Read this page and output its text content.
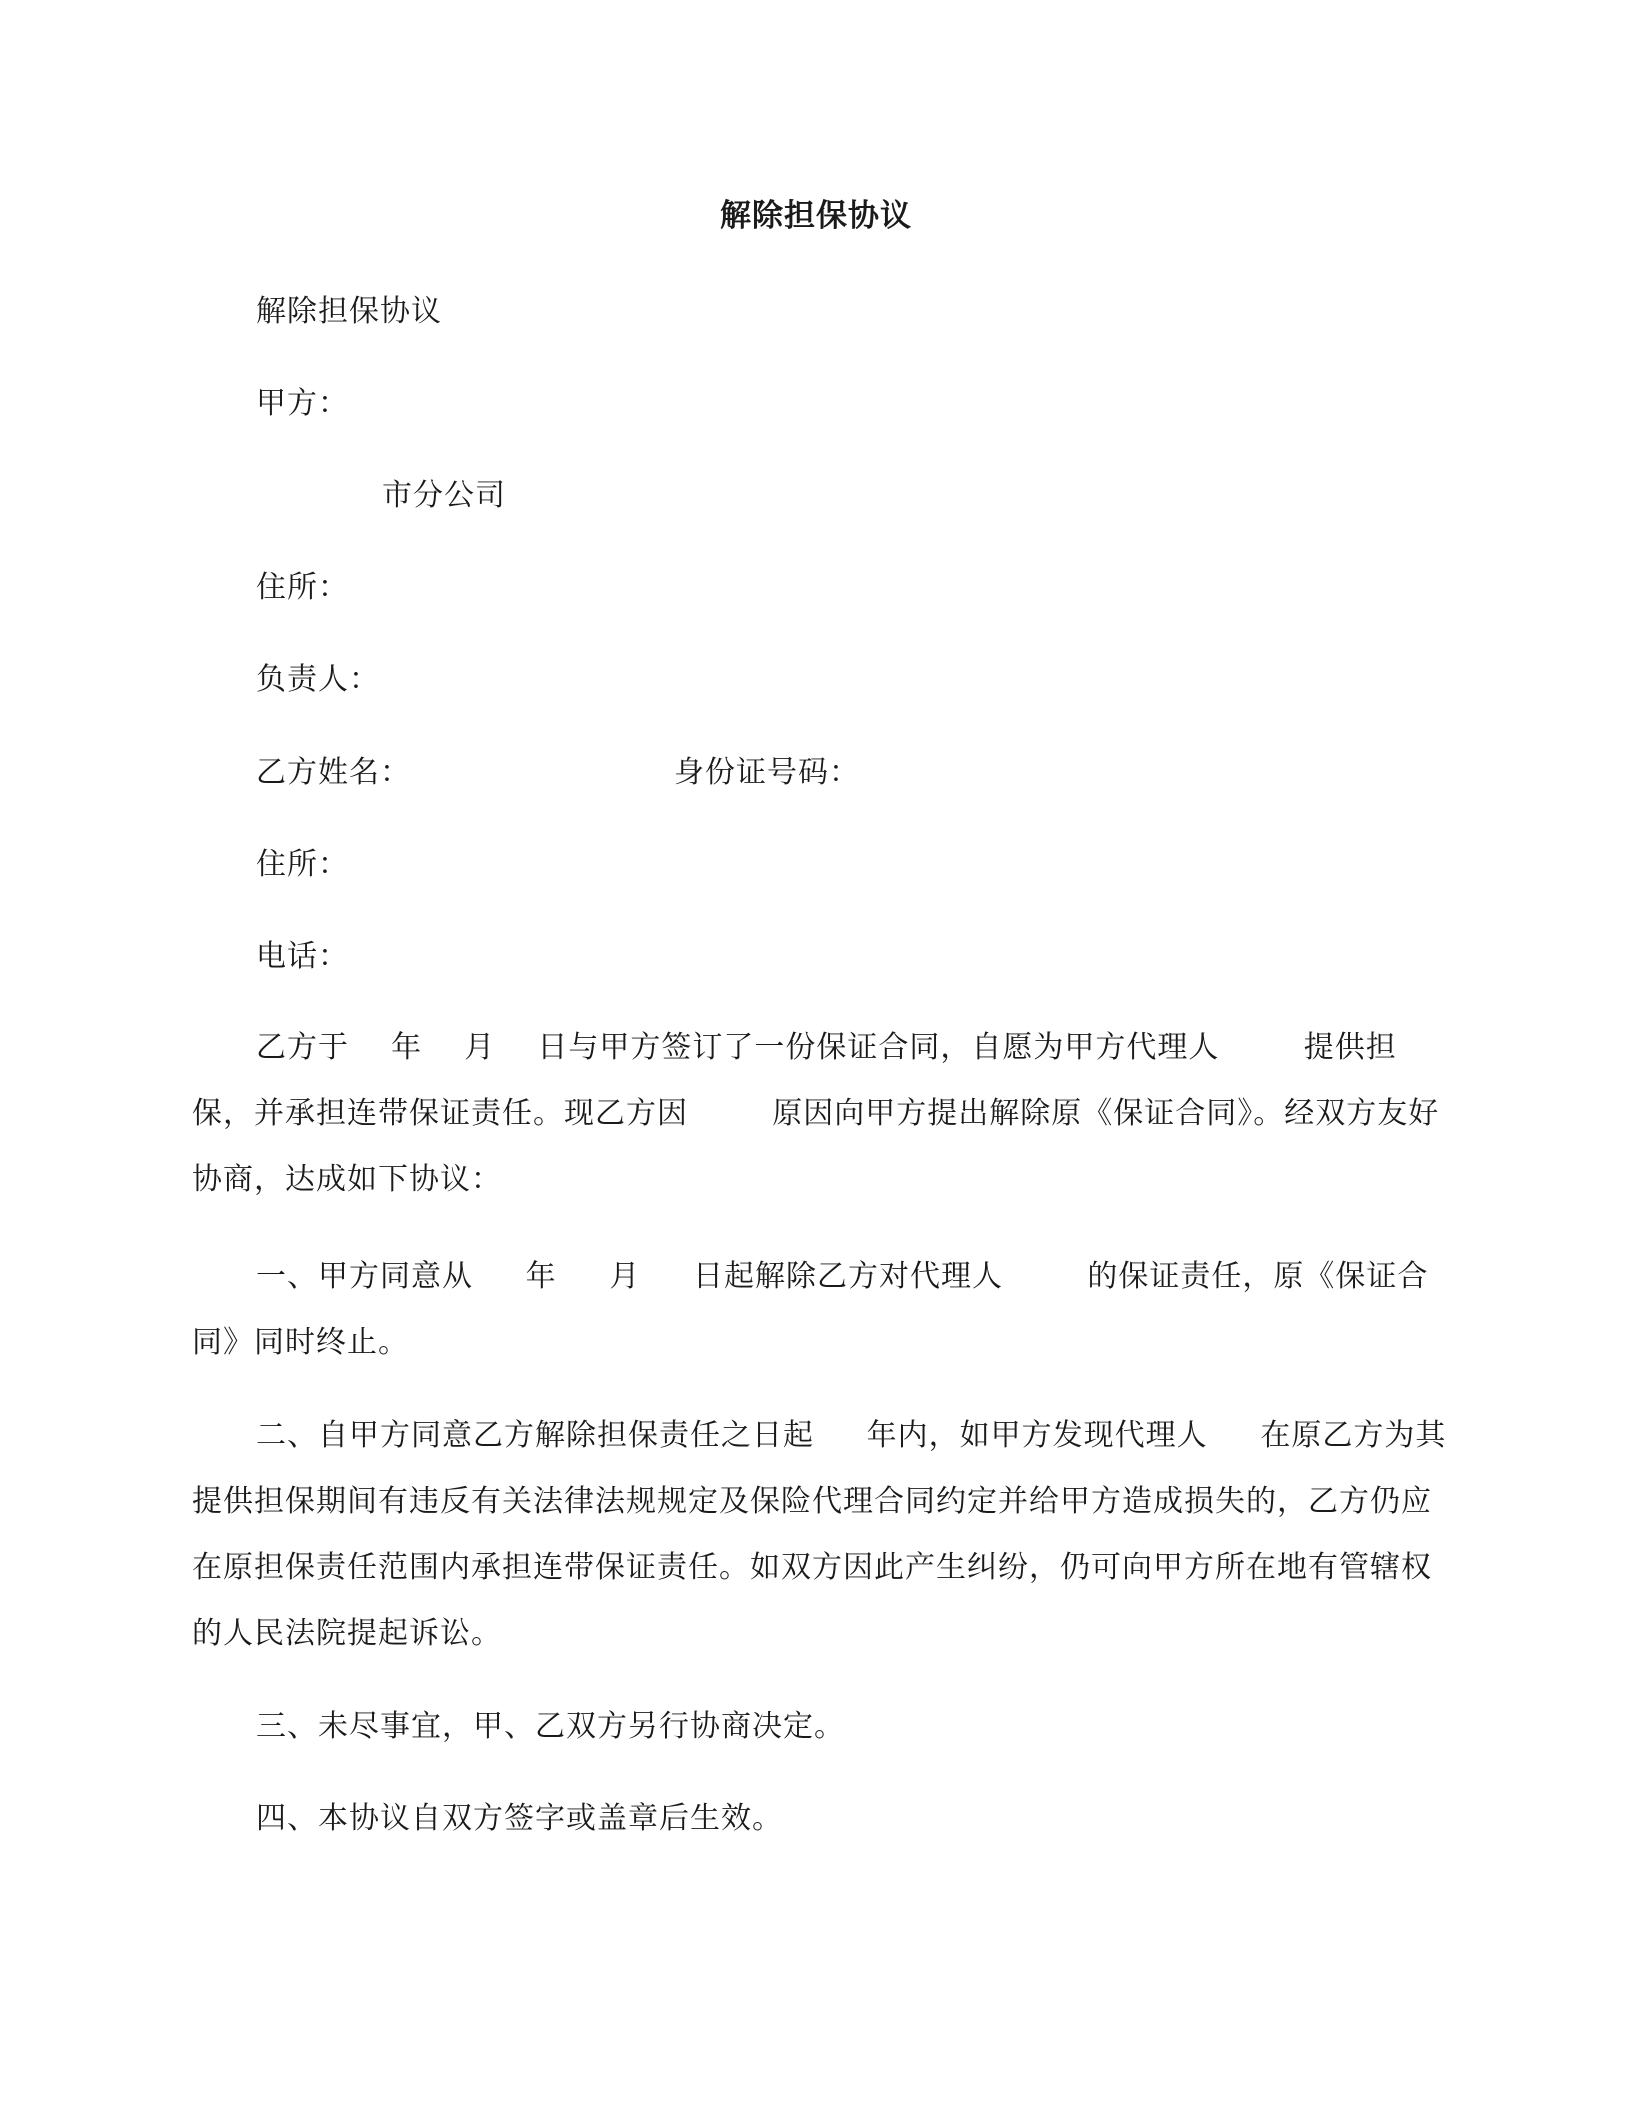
解除担保协议
解除担保协议
甲方：
市分公司
住所：
负责人：
乙方姓名：	身份证号码：
住所：
电话：
乙方于    年    月    日与甲方签订了一份保证合同，自愿为甲方代理人        提供担保，并承担连带保证责任。现乙方因        原因向甲方提出解除原《保证合同》。经双方友好协商，达成如下协议：
一、甲方同意从     年     月     日起解除乙方对代理人        的保证责任，原《保证合同》同时终止。
二、自甲方同意乙方解除担保责任之日起     年内，如甲方发现代理人     在原乙方为其提供担保期间有违反有关法律法规规定及保险代理合同约定并给甲方造成损失的，乙方仍应在原担保责任范围内承担连带保证责任。如双方因此产生纠纷，仍可向甲方所在地有管辖权的人民法院提起诉讼。
三、未尽事宜，甲、乙双方另行协商决定。
四、本协议自双方签字或盖章后生效。
